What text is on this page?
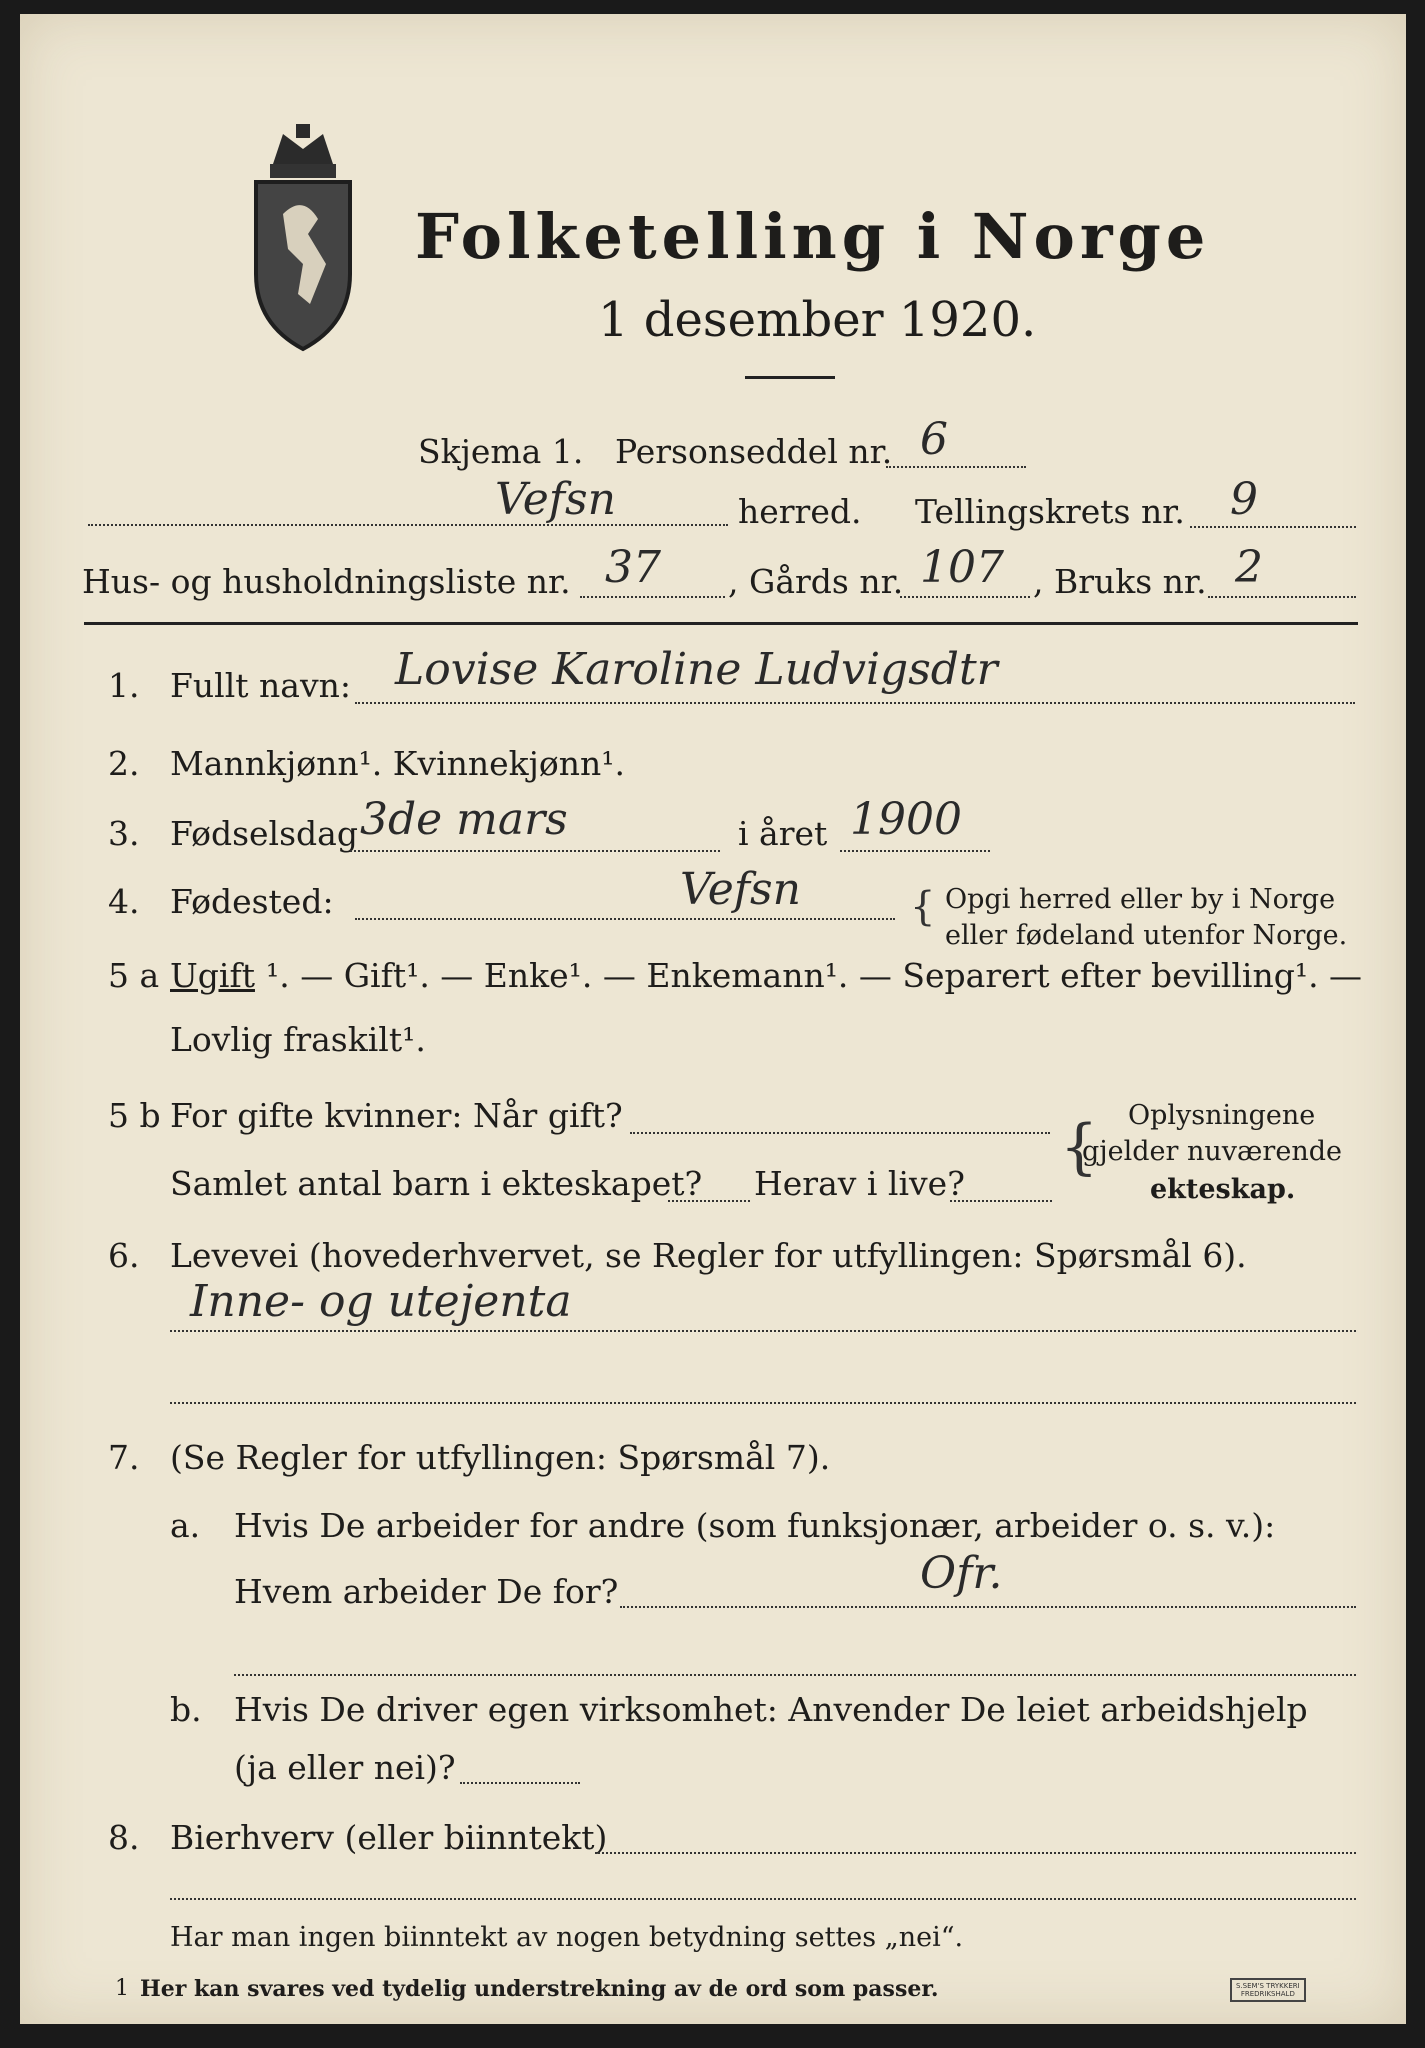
Folketelling i Norge
1 desember 1920.
Skjema 1. Personseddel nr. 6
Vefsn	herred. Tellingskrets nr. 9
Hus- og husholdningsliste nr. 37 , Gårds nr. 107 , Bruks nr. 2
1. Fullt navn: Lovise Karoline Ludvigsdtr
2. Mannkjønn¹. Kvinnekjønn¹.
3. Fødselsdag 3de mars	i året 1900
4. Fødested:	Vefsn	{ Opgi herred eller by i Norge
eller fødeland utenfor Norge.
5 a Ugift ¹. — Gift¹. — Enke¹. — Enkemann¹. — Separert efter bevilling¹. —
Lovlig fraskilt¹.
5 b For gifte kvinner: Når gift?
Samlet antal barn i ekteskapet? Herav i live?
{ Oplysningene
gjelder nuværende
ekteskap.
6. Levevei (hovederhvervet, se Regler for utfyllingen: Spørsmål 6).
Inne- og utejenta
7. (Se Regler for utfyllingen: Spørsmål 7).
a. Hvis De arbeider for andre (som funksjonær, arbeider o. s. v.):
Hvem arbeider De for?	Ofr.
b. Hvis De driver egen virksomhet: Anvender De leiet arbeidshjelp
(ja eller nei)?
8. Bierhverv (eller biinntekt)
Har man ingen biinntekt av nogen betydning settes „nei“.
1 Her kan svares ved tydelig understrekning av de ord som passer.	S.SEM'S TRYKKERI
FREDRIKSHALD
